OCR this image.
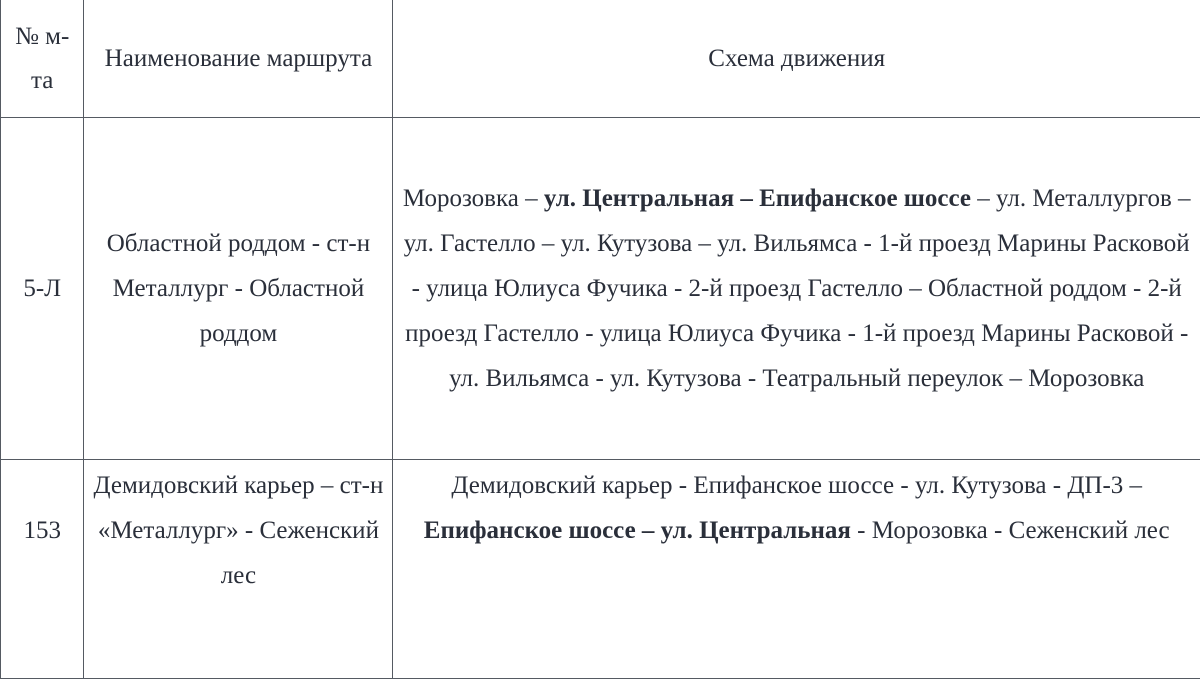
№ м-та	Наименование маршрута	Схема движения
5-Л	Областной роддом - ст-н Металлург - Областной роддом	Морозовка – ул. Центральная – Епифанское шоссе – ул. Металлургов – ул. Гастелло – ул. Кутузова – ул. Вильямса - 1-й проезд Марины Расковой - улица Юлиуса Фучика - 2-й проезд Гастелло – Областной роддом - 2-й проезд Гастелло - улица Юлиуса Фучика - 1-й проезд Марины Расковой - ул. Вильямса - ул. Кутузова - Театральный переулок – Морозовка
153	Демидовский карьер – ст-н «Металлург» - Сеженский лес	Демидовский карьер - Епифанское шоссе - ул. Кутузова - ДП-3 – Епифанское шоссе – ул. Центральная - Морозовка - Сеженский лес
